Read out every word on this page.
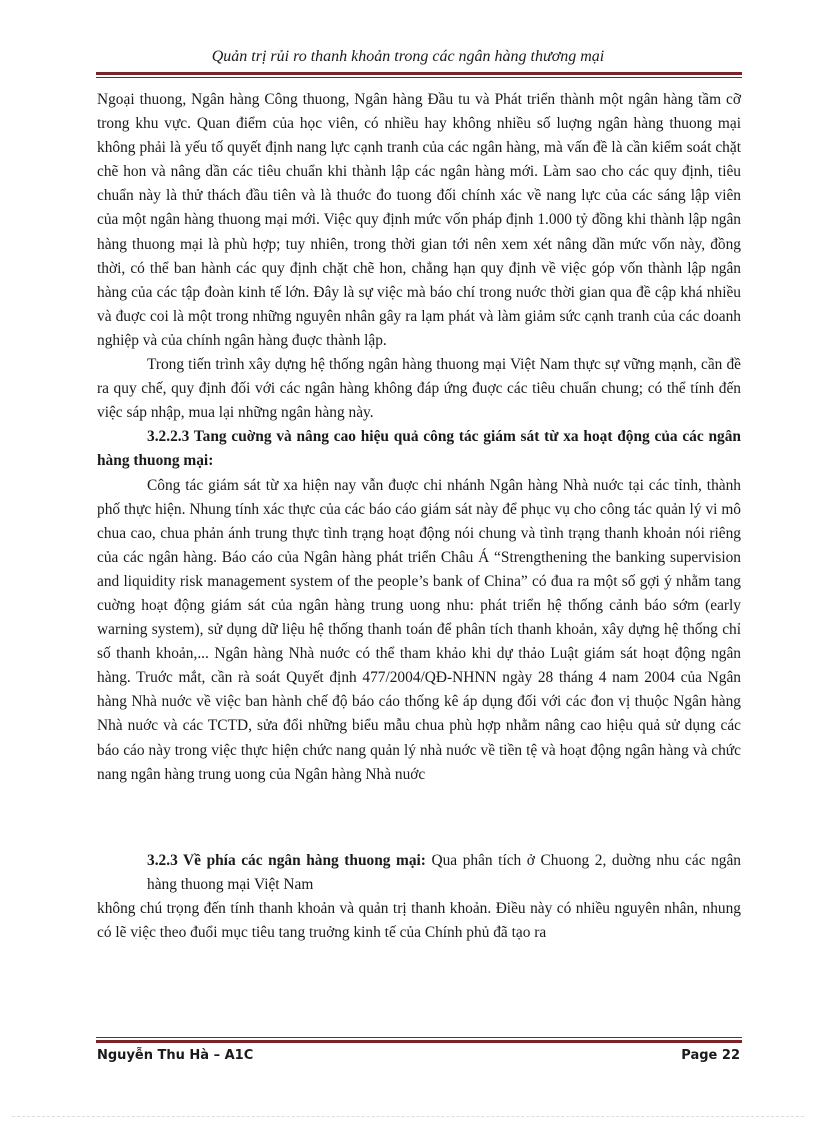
Quản trị rủi ro thanh khoản trong các ngân hàng thương mại

Ngoại thuong, Ngân hàng Công thuong, Ngân hàng Đầu tu và Phát triển thành một ngân hàng tầm cỡ trong khu vực. Quan điểm của học viên, có nhiều hay không nhiều số luợng ngân hàng thuong mại không phải là yếu tố quyết định nang lực cạnh tranh của các ngân hàng, mà vấn đề là cần kiểm soát chặt chẽ hon và nâng dần các tiêu chuẩn khi thành lập các ngân hàng mới. Làm sao cho các quy định, tiêu chuẩn này là thử thách đầu tiên và là thuớc đo tuong đối chính xác về nang lực của các sáng lập viên của một ngân hàng thuong mại mới. Việc quy định mức vốn pháp định 1.000 tỷ đồng khi thành lập ngân hàng thuong mại là phù hợp; tuy nhiên, trong thời gian tới nên xem xét nâng dần mức vốn này, đồng thời, có thể ban hành các quy định chặt chẽ hon, chẳng hạn quy định về việc góp vốn thành lập ngân hàng của các tập đoàn kinh tế lớn. Đây là sự việc mà báo chí trong nuớc thời gian qua đề cập khá nhiều và đuợc coi là một trong những nguyên nhân gây ra lạm phát và làm giảm sức cạnh tranh của các doanh nghiệp và của chính ngân hàng đuợc thành lập.

Trong tiến trình xây dựng hệ thống ngân hàng thuong mại Việt Nam thực sự vững mạnh, cần đề ra quy chế, quy định đối với các ngân hàng không đáp ứng đuợc các tiêu chuẩn chung; có thể tính đến việc sáp nhập, mua lại những ngân hàng này.

3.2.2.3 Tang cuờng và nâng cao hiệu quả công tác giám sát từ xa hoạt động của các ngân hàng thuong mại:

Công tác giám sát từ xa hiện nay vẫn đuợc chi nhánh Ngân hàng Nhà nuớc tại các tỉnh, thành phố thực hiện. Nhung tính xác thực của các báo cáo giám sát này để phục vụ cho công tác quản lý vi mô chua cao, chua phản ánh trung thực tình trạng hoạt động nói chung và tình trạng thanh khoản nói riêng của các ngân hàng. Báo cáo của Ngân hàng phát triển Châu Á “Strengthening the banking supervision and liquidity risk management system of the people’s bank of China” có đua ra một số gợi ý nhằm tang cuờng hoạt động giám sát của ngân hàng trung uong nhu: phát triển hệ thống cảnh báo sớm (early warning system), sử dụng dữ liệu hệ thống thanh toán để phân tích thanh khoản, xây dựng hệ thống chỉ số thanh khoản,... Ngân hàng Nhà nuớc có thể tham khảo khi dự thảo Luật giám sát hoạt động ngân hàng. Truớc mắt, cần rà soát Quyết định 477/2004/QĐ-NHNN ngày 28 tháng 4 nam 2004 của Ngân hàng Nhà nuớc về việc ban hành chế độ báo cáo thống kê áp dụng đối với các đon vị thuộc Ngân hàng Nhà nuớc và các TCTD, sửa đổi những biểu mẫu chua phù hợp nhằm nâng cao hiệu quả sử dụng các báo cáo này trong việc thực hiện chức nang quản lý nhà nuớc về tiền tệ và hoạt động ngân hàng và chức nang ngân hàng trung uong của Ngân hàng Nhà nuớc

3.2.3 Về phía các ngân hàng thuong mại: Qua phân tích ở Chuong 2, duờng nhu các ngân hàng thuong mại Việt Nam

không chú trọng đến tính thanh khoản và quản trị thanh khoản. Điều này có nhiều nguyên nhân, nhung có lẽ việc theo đuổi mục tiêu tang truởng kinh tế của Chính phủ đã tạo ra

Nguyễn Thu Hà – A1C	Page 22
